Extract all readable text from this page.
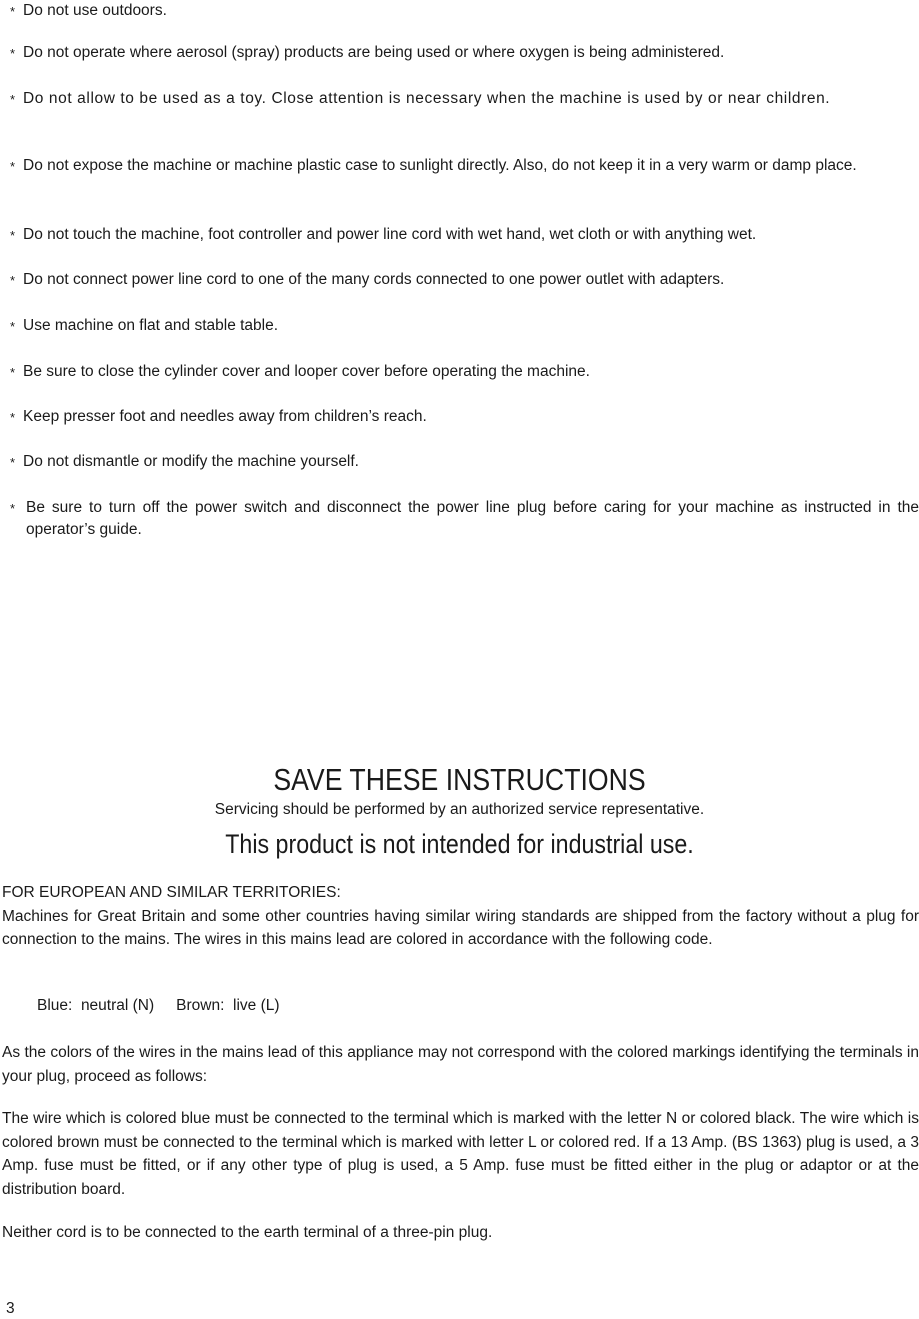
* Do not use outdoors.
* Do not operate where aerosol (spray) products are being used or where oxygen is being administered.
* Do not allow to be used as a toy. Close attention is necessary when the machine is used by or near children.
* Do not expose the machine or machine plastic case to sunlight directly. Also, do not keep it in a very warm or damp place.
* Do not touch the machine, foot controller and power line cord with wet hand, wet cloth or with anything wet.
* Do not connect power line cord to one of the many cords connected to one power outlet with adapters.
* Use machine on flat and stable table.
* Be sure to close the cylinder cover and looper cover before operating the machine.
* Keep presser foot and needles away from children’s reach.
* Do not dismantle or modify the machine yourself.
* Be sure to turn off the power switch and disconnect the power line plug before caring for your machine as instructed in the operator’s guide.
SAVE THESE INSTRUCTIONS
Servicing should be performed by an authorized service representative.
This product is not intended for industrial use.

FOR EUROPEAN AND SIMILAR TERRITORIES:

Machines for Great Britain and some other countries having similar wiring standards are shipped from the factory without a plug for connection to the mains. The wires in this mains lead are colored in accordance with the following code.

Blue:  neutral (N) Brown:  live (L)

As the colors of the wires in the mains lead of this appliance may not correspond with the colored markings identifying the terminals in your plug, proceed as follows:

The wire which is colored blue must be connected to the terminal which is marked with the letter N or colored black. The wire which is colored brown must be connected to the terminal which is marked with letter L or colored red. If a 13 Amp. (BS 1363) plug is used, a 3 Amp. fuse must be fitted, or if any other type of plug is used, a 5 Amp. fuse must be fitted either in the plug or adaptor or at the distribution board.

Neither cord is to be connected to the earth terminal of a three-pin plug.

3
